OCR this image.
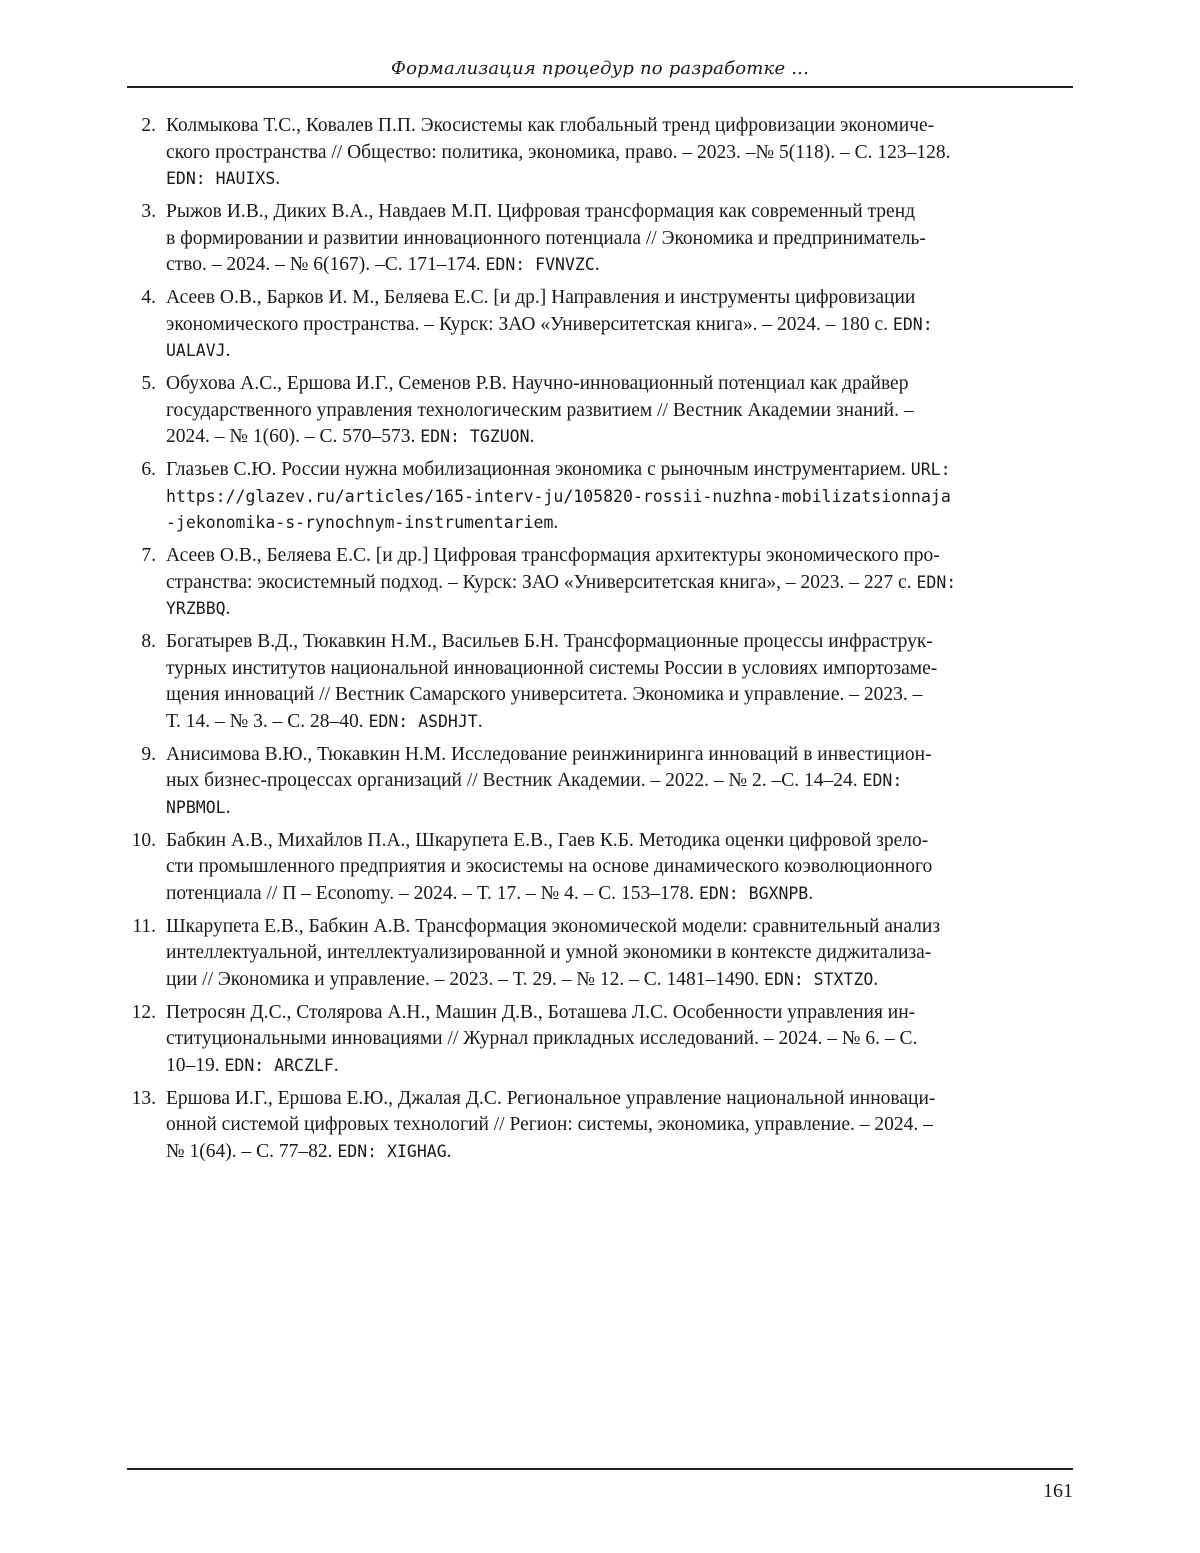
Формализация процедур по разработке ...
2. Колмыкова Т.С., Ковалев П.П. Экосистемы как глобальный тренд цифровизации экономиче-
ского пространства // Общество: политика, экономика, право. – 2023. –№ 5(118). – С. 123–128.
EDN: HAUIXS.
3. Рыжов И.В., Диких В.А., Навдаев М.П. Цифровая трансформация как современный тренд
в формировании и развитии инновационного потенциала // Экономика и предприниматель-
ство. – 2024. – № 6(167). –С. 171–174. EDN: FVNVZC.
4. Асеев О.В., Барков И. М., Беляева Е.С. [и др.] Направления и инструменты цифровизации
экономического пространства. – Курск: ЗАО «Университетская книга». – 2024. – 180 с. EDN:
UALAVJ.
5. Обухова А.С., Ершова И.Г., Семенов Р.В. Научно-инновационный потенциал как драйвер
государственного управления технологическим развитием // Вестник Академии знаний. –
2024. – № 1(60). – С. 570–573. EDN: TGZUON.
6. Глазьев С.Ю. России нужна мобилизационная экономика с рыночным инструментарием. URL:
https://glazev.ru/articles/165-interv-ju/105820-rossii-nuzhna-mobilizatsionnaja
-jekonomika-s-rynochnym-instrumentariem.
7. Асеев О.В., Беляева Е.С. [и др.] Цифровая трансформация архитектуры экономического про-
странства: экосистемный подход. – Курск: ЗАО «Университетская книга», – 2023. – 227 с. EDN:
YRZBBQ.
8. Богатырев В.Д., Тюкавкин Н.М., Васильев Б.Н. Трансформационные процессы инфраструк-
турных институтов национальной инновационной системы России в условиях импортозаме-
щения инноваций // Вестник Самарского университета. Экономика и управление. – 2023. –
Т. 14. – № 3. – С. 28–40. EDN: ASDHJT.
9. Анисимова В.Ю., Тюкавкин Н.М. Исследование реинжиниринга инноваций в инвестицион-
ных бизнес-процессах организаций // Вестник Академии. – 2022. – № 2. –С. 14–24. EDN:
NPBMOL.
10. Бабкин А.В., Михайлов П.А., Шкарупета Е.В., Гаев К.Б. Методика оценки цифровой зрело-
сти промышленного предприятия и экосистемы на основе динамического коэволюционного
потенциала // П – Economy. – 2024. – Т. 17. – № 4. – С. 153–178. EDN: BGXNPB.
11. Шкарупета Е.В., Бабкин А.В. Трансформация экономической модели: сравнительный анализ
интеллектуальной, интеллектуализированной и умной экономики в контексте диджитализа-
ции // Экономика и управление. – 2023. – Т. 29. – № 12. – С. 1481–1490. EDN: STXTZO.
12. Петросян Д.С., Столярова А.Н., Машин Д.В., Боташева Л.С. Особенности управления ин-
ституциональными инновациями // Журнал прикладных исследований. – 2024. – № 6. – С.
10–19. EDN: ARCZLF.
13. Ершова И.Г., Ершова Е.Ю., Джалая Д.С. Региональное управление национальной инноваци-
онной системой цифровых технологий // Регион: системы, экономика, управление. – 2024. –
№ 1(64). – С. 77–82. EDN: XIGHAG.
161
